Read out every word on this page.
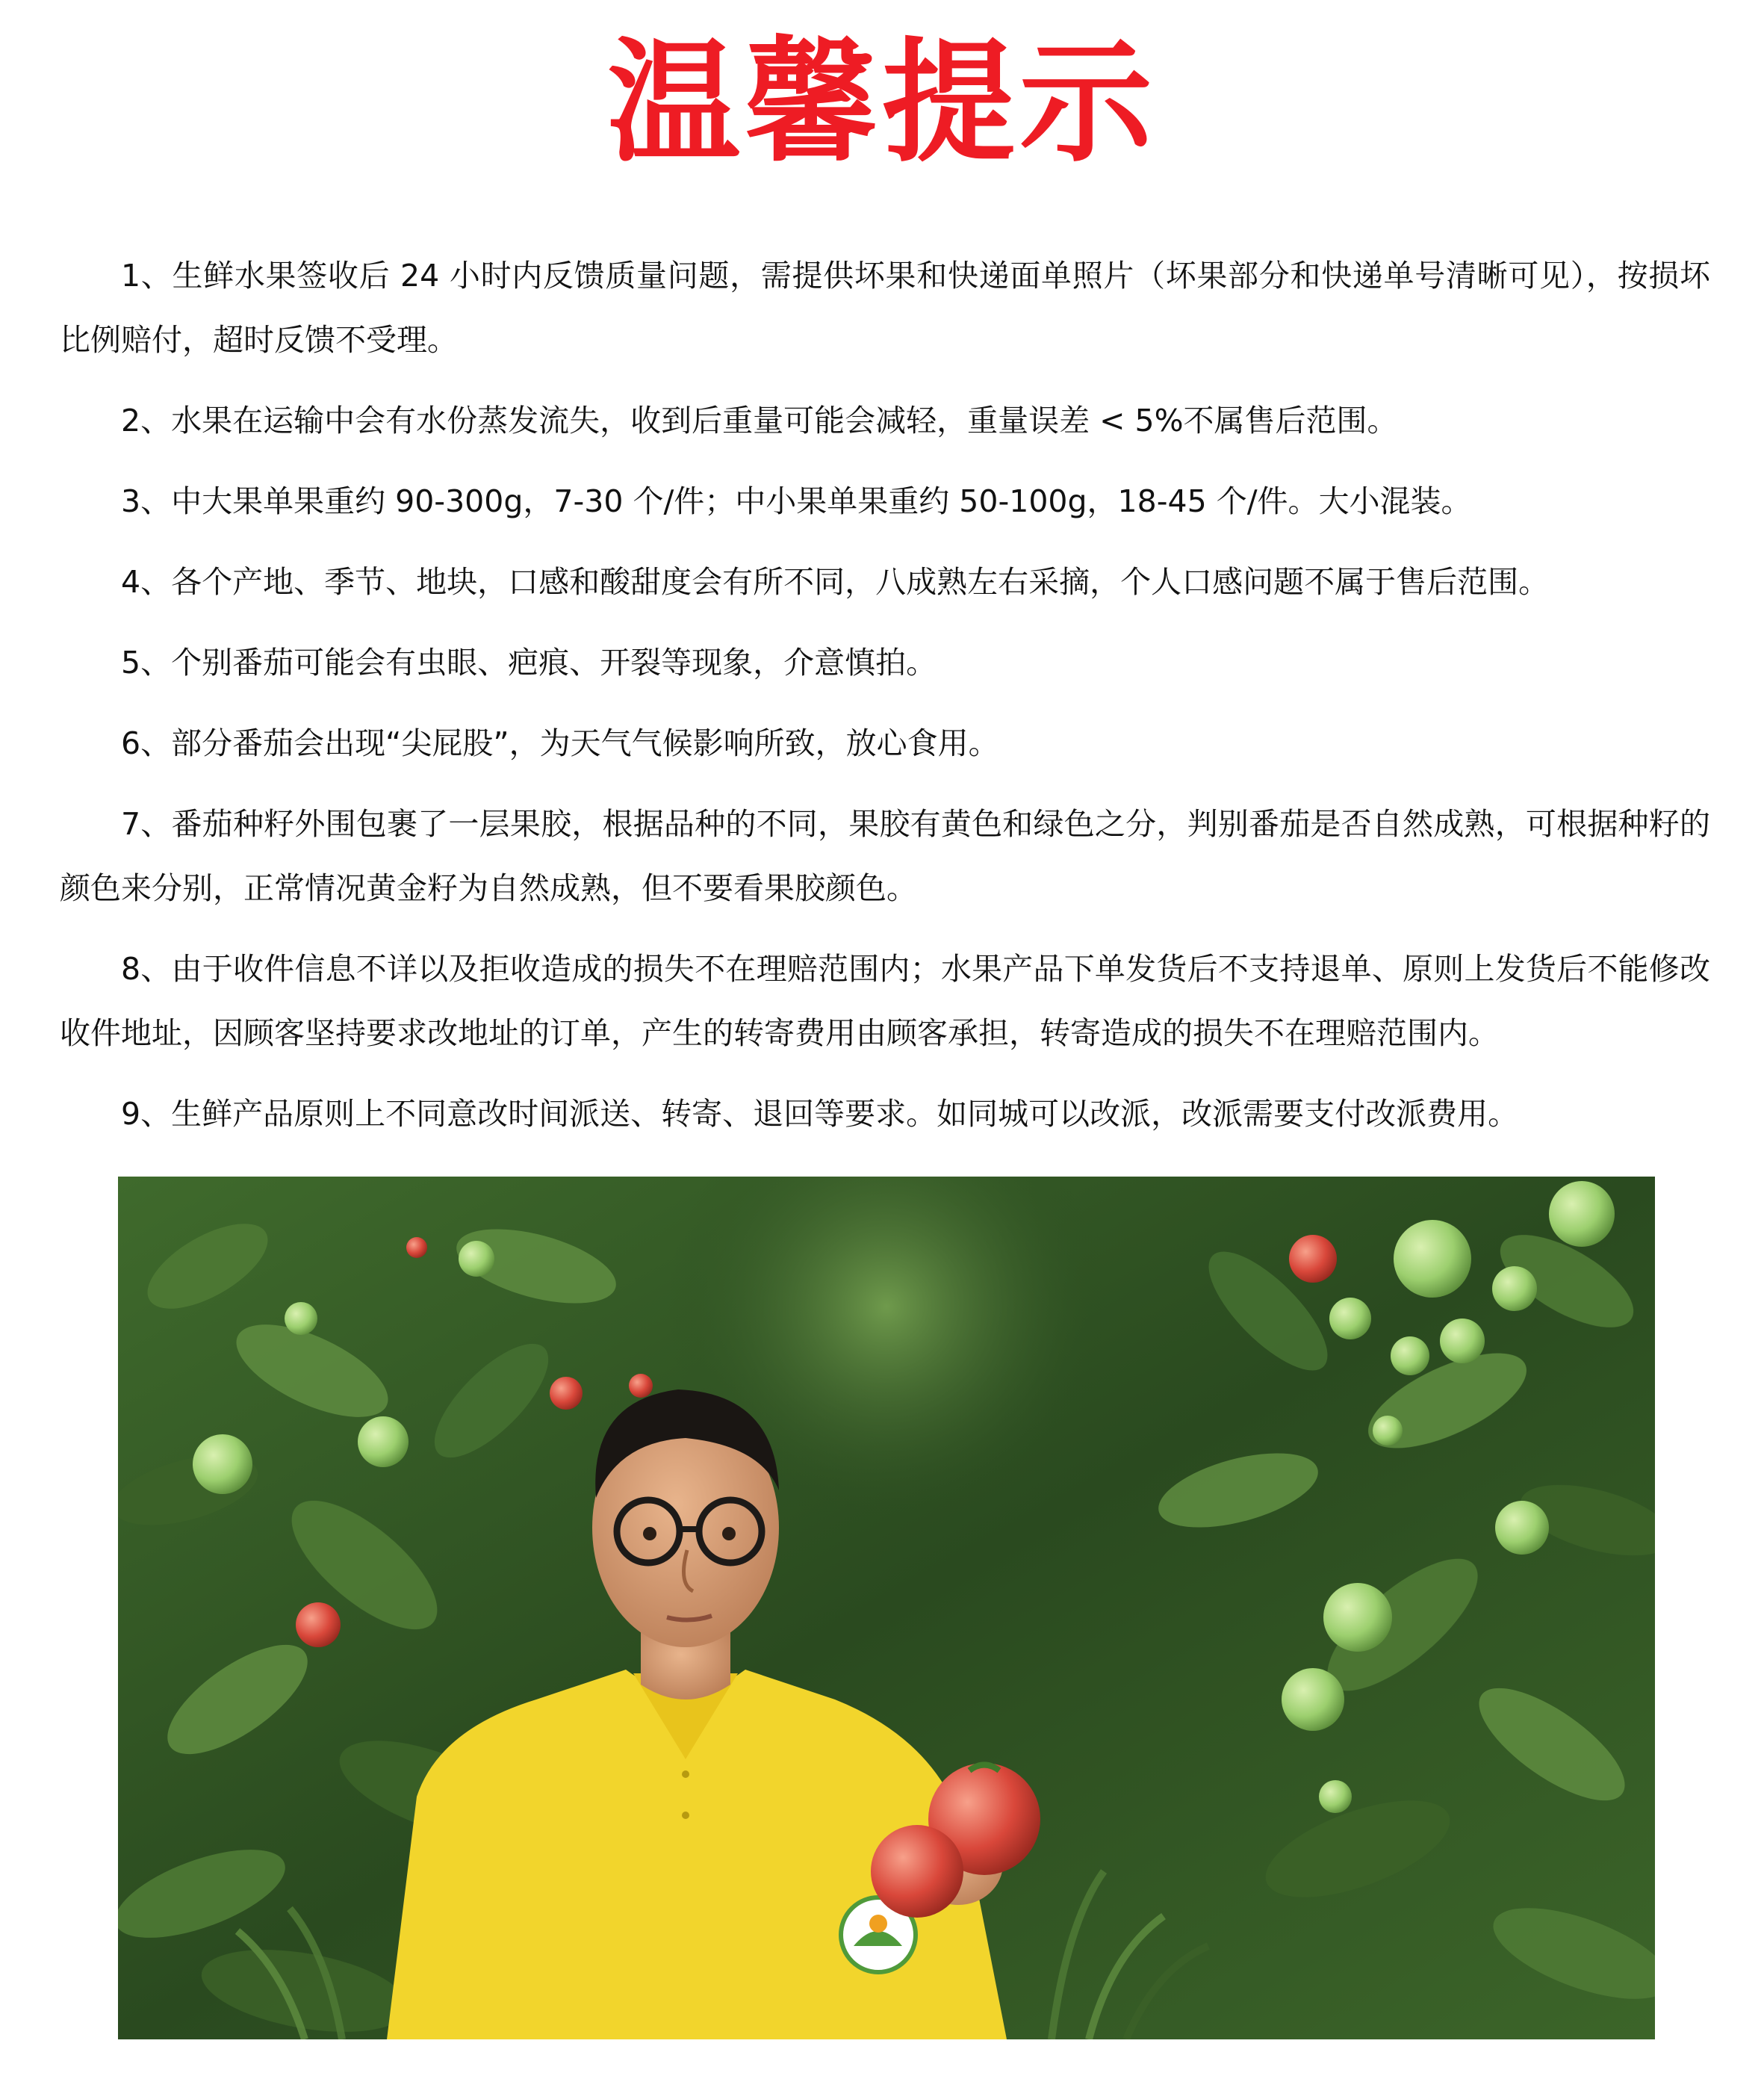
温馨提示

1、生鲜水果签收后 24 小时内反馈质量问题，需提供坏果和快递面单照片（坏果部分和快递单号清晰可见），按损坏比例赔付，超时反馈不受理。

2、水果在运输中会有水份蒸发流失，收到后重量可能会减轻，重量误差 < 5%不属售后范围。

3、中大果单果重约 90-300g，7-30 个/件；中小果单果重约 50-100g，18-45 个/件。大小混装。

4、各个产地、季节、地块，口感和酸甜度会有所不同，八成熟左右采摘，个人口感问题不属于售后范围。

5、个别番茄可能会有虫眼、疤痕、开裂等现象，介意慎拍。

6、部分番茄会出现“尖屁股”，为天气气候影响所致，放心食用。

7、番茄种籽外围包裹了一层果胶，根据品种的不同，果胶有黄色和绿色之分，判别番茄是否自然成熟，可根据种籽的颜色来分别，正常情况黄金籽为自然成熟，但不要看果胶颜色。

8、由于收件信息不详以及拒收造成的损失不在理赔范围内；水果产品下单发货后不支持退单、原则上发货后不能修改收件地址，因顾客坚持要求改地址的订单，产生的转寄费用由顾客承担，转寄造成的损失不在理赔范围内。

9、生鲜产品原则上不同意改时间派送、转寄、退回等要求。如同城可以改派，改派需要支付改派费用。
